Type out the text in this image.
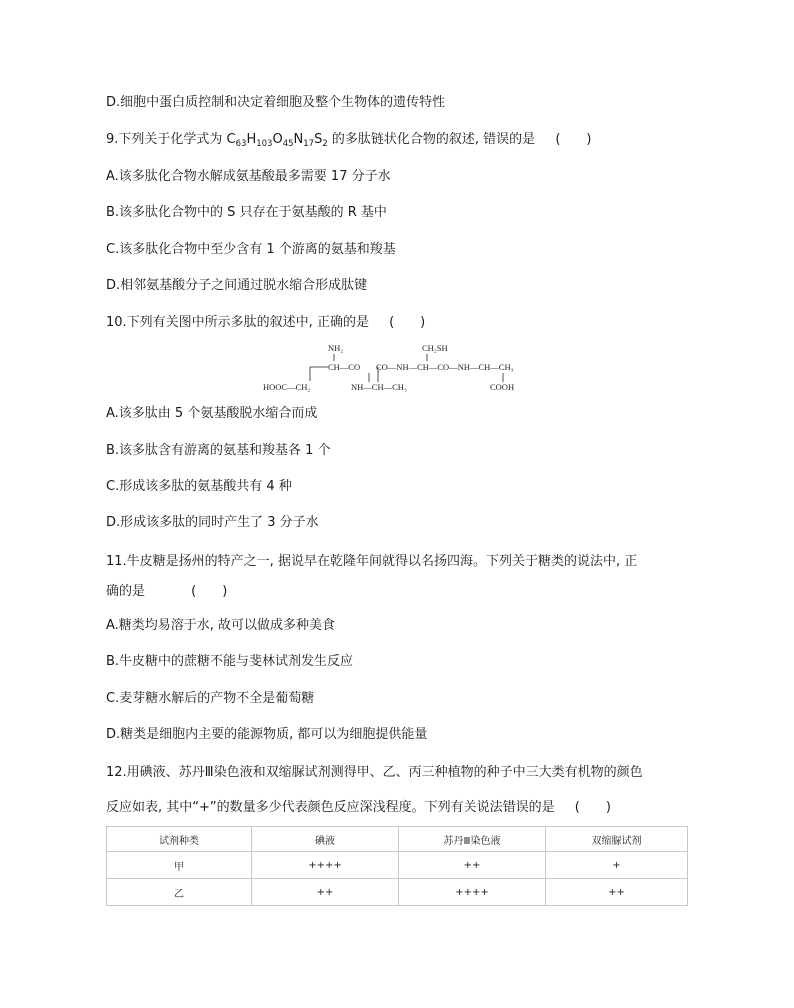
D.细胞中蛋白质控制和决定着细胞及整个生物体的遗传特性
9.下列关于化学式为 $C_{63}H_{103}O_{45}N_{17}S_2$ 的多肽链状化合物的叙述, 错误的是 ( )
A.该多肽化合物水解成氨基酸最多需要 17 分子水
B.该多肽化合物中的 S 只存在于氨基酸的 R 基中
C.该多肽化合物中至少含有 1 个游离的氨基和羧基
D.相邻氨基酸分子之间通过脱水缩合形成肽键
10.下列有关图中所示多肽的叙述中, 正确的是 ( )
NH₂	CH₂SH
CH—CO CO—NH—CH—CO—NH—CH—CH₃
HOOC—CH₂	NH—CH—CH₃	COOH
A.该多肽由 5 个氨基酸脱水缩合而成
B.该多肽含有游离的氨基和羧基各 1 个
C.形成该多肽的氨基酸共有 4 种
D.形成该多肽的同时产生了 3 分子水
11.牛皮糖是扬州的特产之一, 据说早在乾隆年间就得以名扬四海。下列关于糖类的说法中, 正
确的是	( )
A.糖类均易溶于水, 故可以做成多种美食
B.牛皮糖中的蔗糖不能与斐林试剂发生反应
C.麦芽糖水解后的产物不全是葡萄糖
D.糖类是细胞内主要的能源物质, 都可以为细胞提供能量
12.用碘液、苏丹Ⅲ染色液和双缩脲试剂测得甲、乙、丙三种植物的种子中三大类有机物的颜色
反应如表, 其中“+”的数量多少代表颜色反应深浅程度。下列有关说法错误的是 ( )
试剂种类	碘液	苏丹Ⅲ染色液	双缩脲试剂
甲	++++	++	+
乙	++	++++	++
